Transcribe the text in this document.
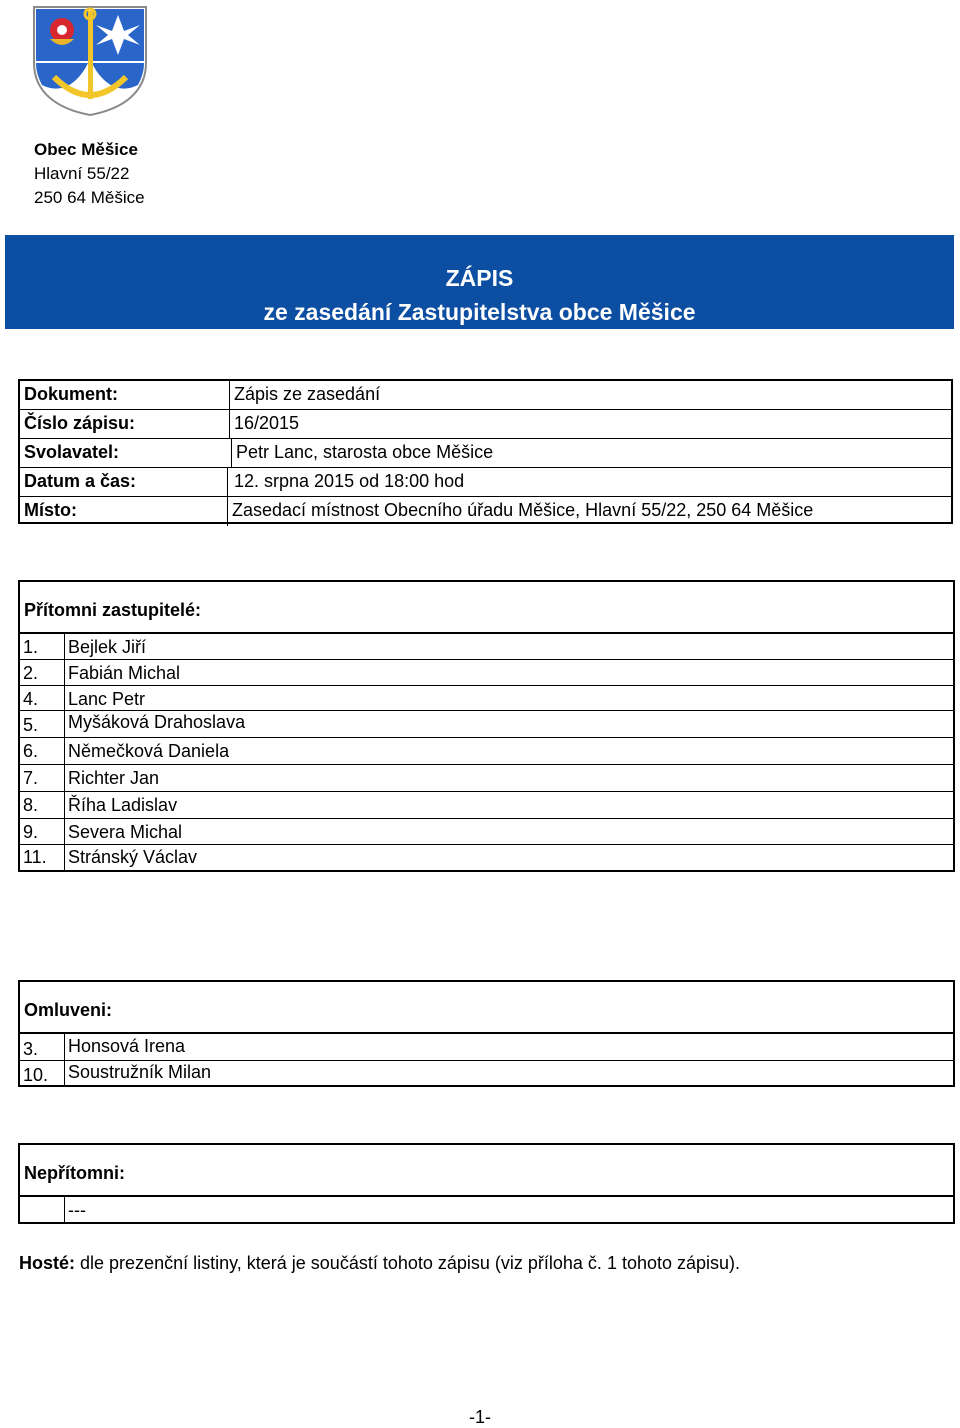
Obec Měšice
Hlavní 55/22
250 64 Měšice
ZÁPIS
ze zasedání Zastupitelstva obce Měšice
Dokument:	Zápis ze zasedání
Číslo zápisu:	16/2015
Svolavatel:	Petr Lanc, starosta obce Měšice
Datum a čas:	12. srpna 2015 od 18:00 hod
Místo:	Zasedací místnost Obecního úřadu Měšice, Hlavní 55/22, 250 64 Měšice
Přítomni zastupitelé:
1. Bejlek Jiří
2. Fabián Michal
4. Lanc Petr
5. Myšáková Drahoslava
6. Němečková Daniela
7. Richter Jan
8. Říha Ladislav
9. Severa Michal
11. Stránský Václav
Omluveni:
3. Honsová Irena
10. Soustružník Milan
Nepřítomni:
---
Hosté: dle prezenční listiny, která je součástí tohoto zápisu (viz příloha č. 1 tohoto zápisu).
-1-
